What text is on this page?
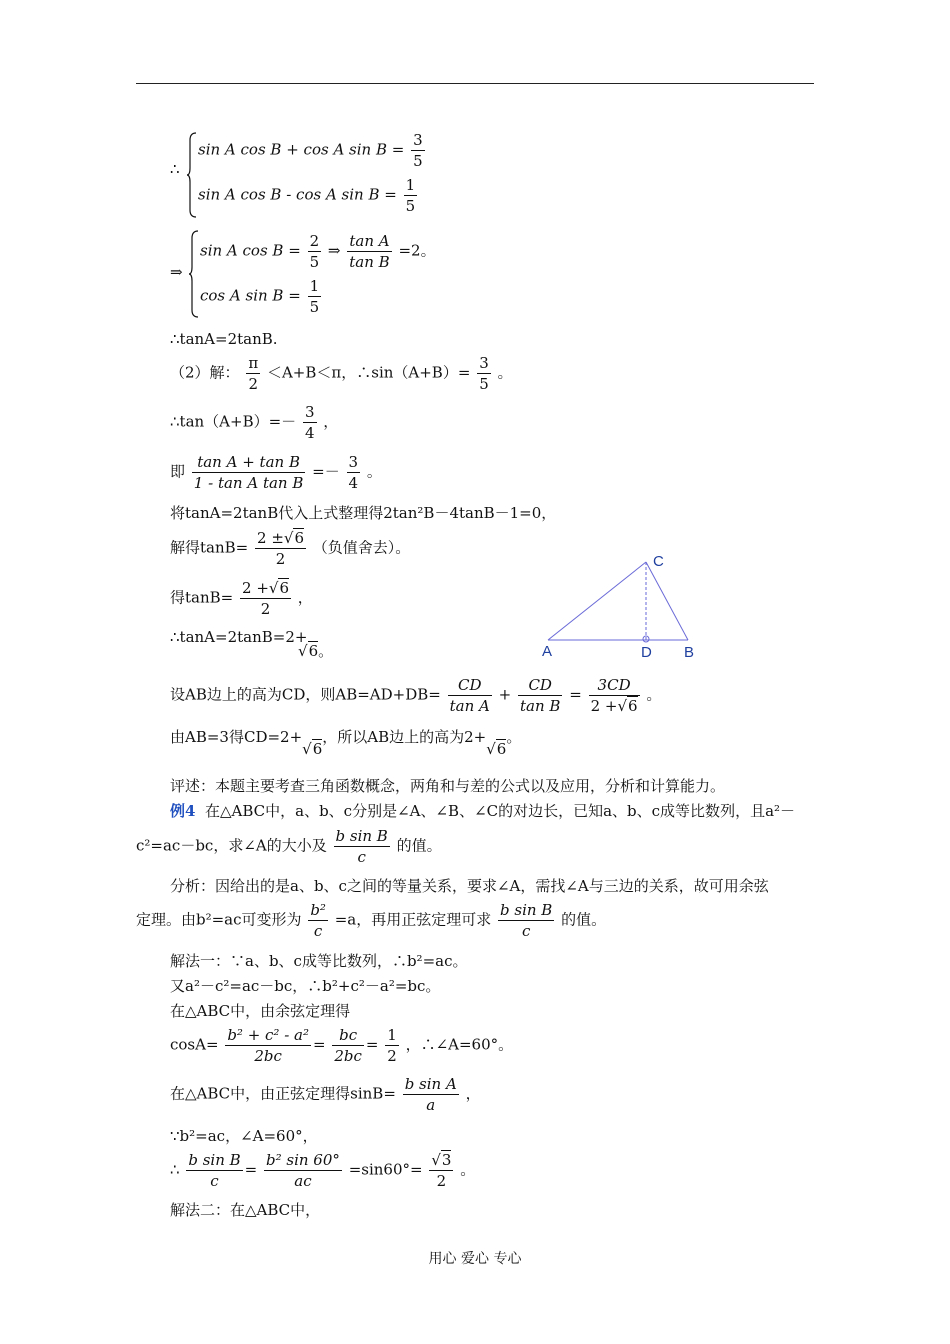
∴
sin A cos B + cos A $\sin B = \frac{3}{5}$
sin A cos B - cos A $\sin B = \frac{1}{5}$
⇒
sin A $\cos B = \frac{2}{5}$ ⇒ $\frac{\text{tan A}}{\text{tan B}} =2$。
cos A $\sin B = \frac{1}{5}$
∴tanA=2tanB.
（2）解： $\frac{\pi}{2} <A+B<\pi$，∴sin（A+B）= $\frac{3}{5}$ 。
∴tan（A+B）=－ $\frac{3}{4}$ ，
即 $\frac{\text{tan A + tan B}}{\text{1 - tan A tan B}} =- \frac{3}{4}$ 。
将tanA=2tanB代入上式整理得2tan²B－4tanB－1=0，
解得$\tan B= \frac{2 \pm√6}{2}$ （负值舍去）。
得$\tan B= \frac{2 +√6}{2}$ ，
∴tanA=2tanB=2+
√6。	A	D B
C
设AB边上的高为CD，则$AB=AD+DB= \frac{CD}{\text{tan A}} + \frac{CD}{\text{tan B}} = \frac{3CD}{2 +√6}$ 。
由AB=3得CD=2+√6，所以AB边上的高为2+√6。
评述：本题主要考查三角函数概念，两角和与差的公式以及应用，分析和计算能力。
例4 在△ABC中，a、b、c分别是∠A、∠B、∠C的对边长，已知a、b、c成等比数列，且a²－
c²=ac－bc，求∠A的大小及 $\frac{\text{b sin B}}{c}$ 的值。
分析：因给出的是a、b、c之间的等量关系，要求∠A，需找∠A与三边的关系，故可用余弦
定理。由b²=ac可变形为 $\frac{\text{b²}}{c} =a$，再用正弦定理可求 $\frac{\text{b sin B}}{c}$ 的值。
解法一：∵a、b、c成等比数列，∴b²=ac。
又a²－c²=ac－bc，∴b²+c²－a²=bc。
在△ABC中，由余弦定理得
$\cos A= \frac{\text{b² + c² - a²}}{2bc} = \frac{bc}{2bc} = \frac{1}{2}$ ，∴∠A=60°。
在△ABC中，由正弦定理得$\sin B= \frac{\text{b sin A}}{a}$ ，
∵b²=ac，∠A=60°，
∴ $\frac{\text{b sin B}}{c} = \frac{\text{b² sin 60°}}{ac} =\sin 60^\circ= \frac{√3}{2}$ 。
解法二：在△ABC中，
用心 爱心 专心
